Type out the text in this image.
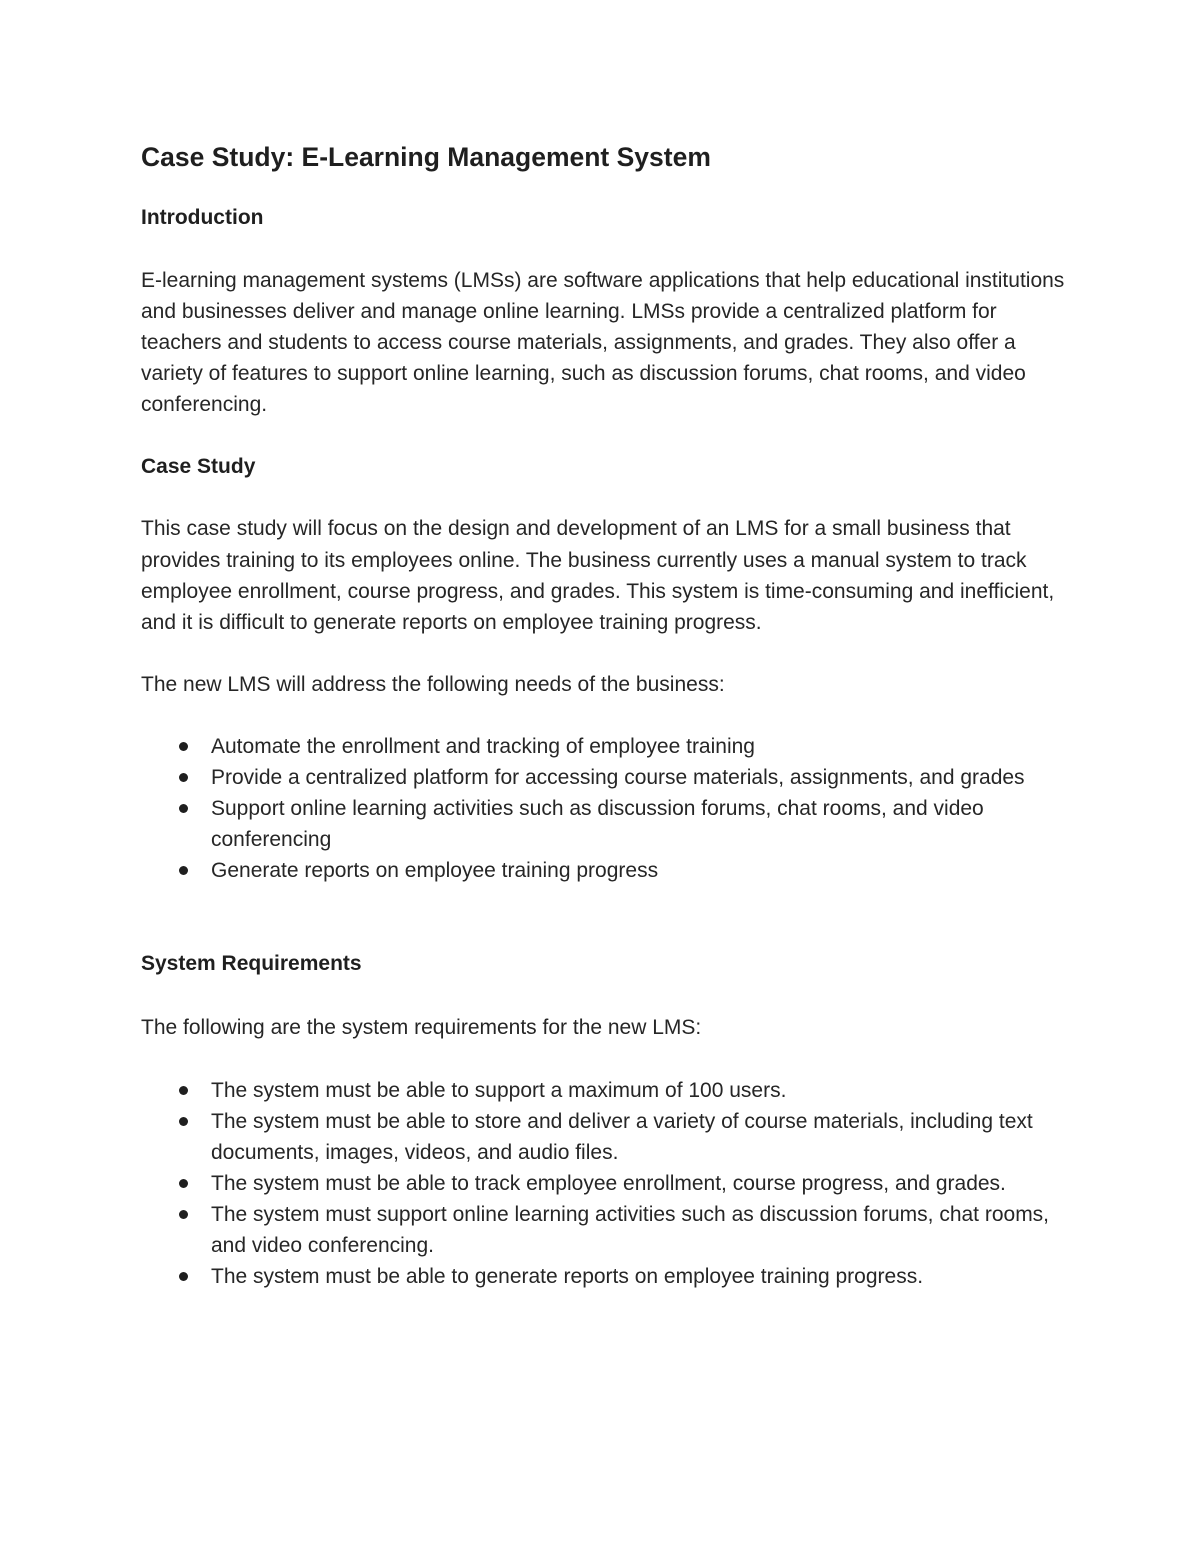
Case Study: E-Learning Management System
Introduction

E-learning management systems (LMSs) are software applications that help educational institutions and businesses deliver and manage online learning. LMSs provide a centralized platform for teachers and students to access course materials, assignments, and grades. They also offer a variety of features to support online learning, such as discussion forums, chat rooms, and video conferencing.

Case Study

This case study will focus on the design and development of an LMS for a small business that provides training to its employees online. The business currently uses a manual system to track employee enrollment, course progress, and grades. This system is time-consuming and inefficient, and it is difficult to generate reports on employee training progress.

The new LMS will address the following needs of the business:

Automate the enrollment and tracking of employee training
Provide a centralized platform for accessing course materials, assignments, and grades
Support online learning activities such as discussion forums, chat rooms, and video conferencing
Generate reports on employee training progress
System Requirements

The following are the system requirements for the new LMS:

The system must be able to support a maximum of 100 users.
The system must be able to store and deliver a variety of course materials, including text documents, images, videos, and audio files.
The system must be able to track employee enrollment, course progress, and grades.
The system must support online learning activities such as discussion forums, chat rooms, and video conferencing.
The system must be able to generate reports on employee training progress.
